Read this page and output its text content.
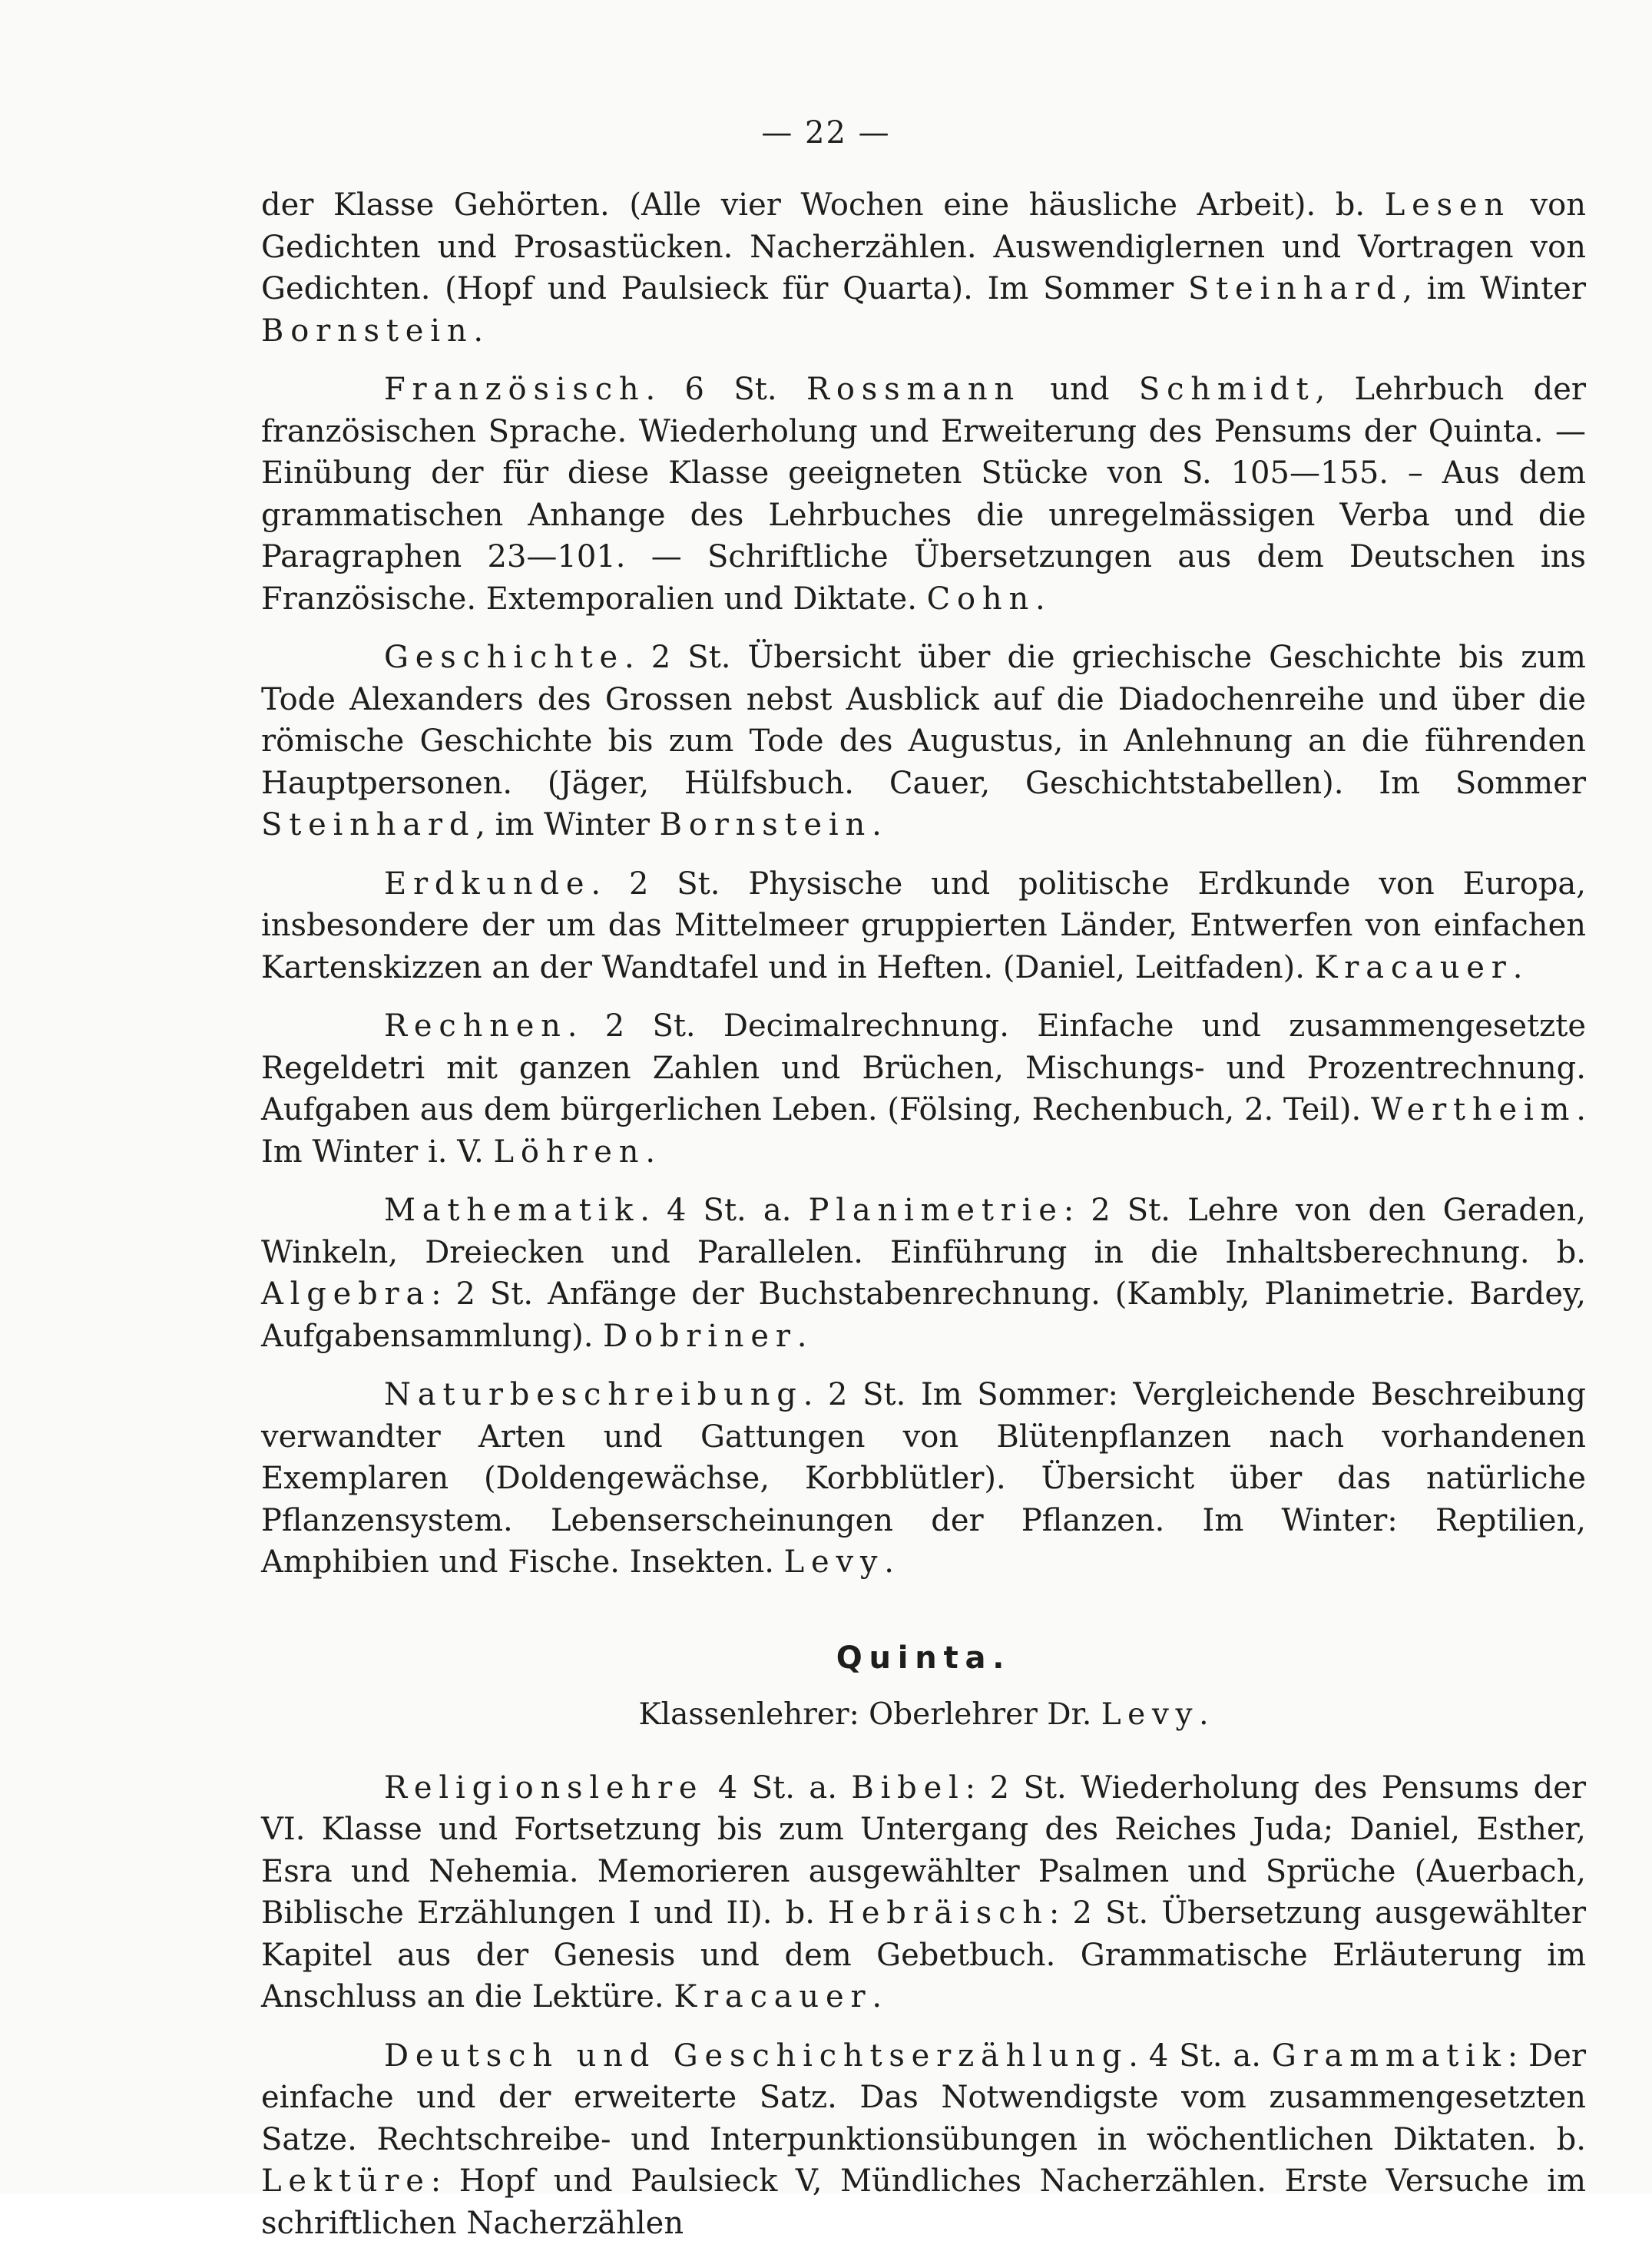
— 22 —

der Klasse Gehörten. (Alle vier Wochen eine häusliche Arbeit). b. Lesen von Gedichten und Prosastücken. Nacherzählen. Auswendiglernen und Vortragen von Gedichten. (Hopf und Paulsieck für Quarta). Im Sommer Steinhard, im Winter Bornstein.

Französisch. 6 St. Rossmann und Schmidt, Lehrbuch der französischen Sprache. Wiederholung und Erweiterung des Pensums der Quinta. — Einübung der für diese Klasse geeigneten Stücke von S. 105—155. – Aus dem grammatischen Anhange des Lehrbuches die unregelmässigen Verba und die Paragraphen 23—101. — Schriftliche Übersetzungen aus dem Deutschen ins Französische. Extemporalien und Diktate. Cohn.

Geschichte. 2 St. Übersicht über die griechische Geschichte bis zum Tode Alexanders des Grossen nebst Ausblick auf die Diadochenreihe und über die römische Geschichte bis zum Tode des Augustus, in Anlehnung an die führenden Hauptpersonen. (Jäger, Hülfsbuch. Cauer, Geschichtstabellen). Im Sommer Steinhard, im Winter Bornstein.

Erdkunde. 2 St. Physische und politische Erdkunde von Europa, insbesondere der um das Mittelmeer gruppierten Länder, Entwerfen von einfachen Kartenskizzen an der Wandtafel und in Heften. (Daniel, Leitfaden). Kracauer.

Rechnen. 2 St. Decimalrechnung. Einfache und zusammengesetzte Regeldetri mit ganzen Zahlen und Brüchen, Mischungs- und Prozentrechnung. Aufgaben aus dem bürgerlichen Leben. (Fölsing, Rechenbuch, 2. Teil). Wertheim. Im Winter i. V. Löhren.

Mathematik. 4 St. a. Planimetrie: 2 St. Lehre von den Geraden, Winkeln, Dreiecken und Parallelen. Einführung in die Inhaltsberechnung. b. Algebra: 2 St. Anfänge der Buchstabenrechnung. (Kambly, Planimetrie. Bardey, Aufgabensammlung). Dobriner.

Naturbeschreibung. 2 St. Im Sommer: Vergleichende Beschreibung verwandter Arten und Gattungen von Blütenpflanzen nach vorhandenen Exemplaren (Doldengewächse, Korbblütler). Übersicht über das natürliche Pflanzensystem. Lebenserscheinungen der Pflanzen. Im Winter: Reptilien, Amphibien und Fische. Insekten. Levy.

Quinta.
Klassenlehrer: Oberlehrer Dr. Levy.

Religionslehre 4 St. a. Bibel: 2 St. Wiederholung des Pensums der VI. Klasse und Fortsetzung bis zum Untergang des Reiches Juda; Daniel, Esther, Esra und Nehemia. Memorieren ausgewählter Psalmen und Sprüche (Auerbach, Biblische Erzählungen I und II). b. Hebräisch: 2 St. Übersetzung ausgewählter Kapitel aus der Genesis und dem Gebetbuch. Grammatische Erläuterung im Anschluss an die Lektüre. Kracauer.

Deutsch und Geschichtserzählung. 4 St. a. Grammatik: Der einfache und der erweiterte Satz. Das Notwendigste vom zusammengesetzten Satze. Rechtschreibe- und Interpunktionsübungen in wöchentlichen Diktaten. b. Lektüre: Hopf und Paulsieck V, Mündliches Nacherzählen. Erste Versuche im schriftlichen Nacherzählen
